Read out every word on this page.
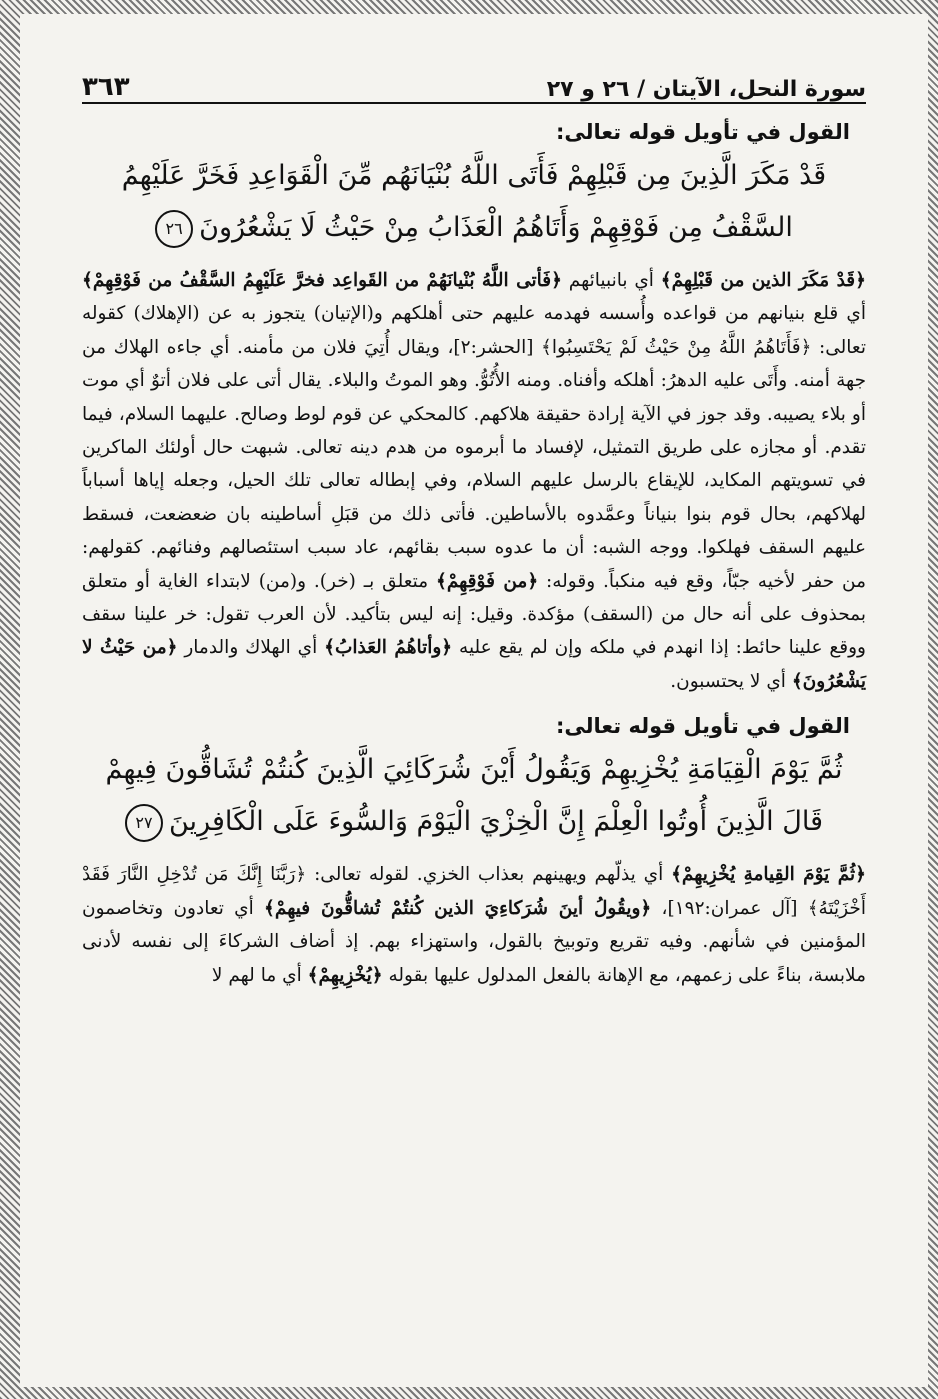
سورة النحل، الآيتان / ٢٦ و ٢٧
٣٦٣
القول في تأويل قوله تعالى:
قَدْ مَكَرَ الَّذِينَ مِن قَبْلِهِمْ فَأَتَى اللَّهُ بُنْيَانَهُم مِّنَ الْقَوَاعِدِ فَخَرَّ عَلَيْهِمُ
السَّقْفُ مِن فَوْقِهِمْ وَأَتَاهُمُ الْعَذَابُ مِنْ حَيْثُ لَا يَشْعُرُونَ٢٦

﴿قَدْ مَكَرَ الذين من قَبْلِهِمْ﴾ أي بانبيائهم ﴿فَأتى اللَّهُ بُنْيانَهُمْ من القَواعِد فخرَّ عَلَيْهِمُ السَّقْفُ من فَوْقِهِمْ﴾ أي قلع بنيانهم من قواعده وأُسسه فهدمه عليهم حتى أهلكهم و(الإتيان) يتجوز به عن (الإهلاك) كقوله تعالى: ﴿فَأَتَاهُمُ اللَّهُ مِنْ حَيْثُ لَمْ يَحْتَسِبُوا﴾ [الحشر:٢]، ويقال أُتِيَ فلان من مأمنه. أي جاءه الهلاك من جهة أمنه. وأَتَى عليه الدهرُ: أهلكه وأفناه. ومنه الأُتُوُّ. وهو الموتُ والبلاء. يقال أتى على فلان أتوٌ أي موت أو بلاء يصيبه. وقد جوز في الآية إرادة حقيقة هلاكهم. كالمحكي عن قوم لوط وصالح. عليهما السلام، فيما تقدم. أو مجازه على طريق التمثيل، لإفساد ما أبرموه من هدم دينه تعالى. شبهت حال أولئك الماكرين في تسويتهم المكايد، للإيقاع بالرسل عليهم السلام، وفي إبطاله تعالى تلك الحيل، وجعله إياها أسباباً لهلاكهم، بحال قوم بنوا بنياناً وعمَّدوه بالأساطين. فأتى ذلك من قبَلِ أساطينه بان ضعضعت، فسقط عليهم السقف فهلكوا. ووجه الشبه: أن ما عدوه سبب بقائهم، عاد سبب استئصالهم وفنائهم. كقولهم: من حفر لأخيه جبّاً، وقع فيه منكباً. وقوله: ﴿من فَوْقِهِمْ﴾ متعلق بـ (خر). و(من) لابتداء الغاية أو متعلق بمحذوف على أنه حال من (السقف) مؤكدة. وقيل: إنه ليس بتأكيد. لأن العرب تقول: خر علينا سقف ووقع علينا حائط: إذا انهدم في ملكه وإن لم يقع عليه ﴿وأتاهُمُ العَذابُ﴾ أي الهلاك والدمار ﴿من حَيْثُ لا يَشْعُرُونَ﴾ أي لا يحتسبون.

القول في تأويل قوله تعالى:
ثُمَّ يَوْمَ الْقِيَامَةِ يُخْزِيهِمْ وَيَقُولُ أَيْنَ شُرَكَائِيَ الَّذِينَ كُنتُمْ تُشَاقُّونَ فِيهِمْ
قَالَ الَّذِينَ أُوتُوا الْعِلْمَ إِنَّ الْخِزْيَ الْيَوْمَ وَالسُّوءَ عَلَى الْكَافِرِينَ٢٧

﴿ثُمَّ يَوْمَ القِيامةِ يُخْزِيهِمْ﴾ أي يذلّهم ويهينهم بعذاب الخزي. لقوله تعالى: ﴿رَبَّنَا إِنَّكَ مَن تُدْخِلِ النَّارَ فَقَدْ أَخْزَيْتَهُ﴾ [آل عمران:١٩٢]، ﴿ويقُولُ أينَ شُرَكاءِيَ الذين كُنتُمْ تُشاقُّونَ فيهِمْ﴾ أي تعادون وتخاصمون المؤمنين في شأنهم. وفيه تقريع وتوبيخ بالقول، واستهزاء بهم. إذ أضاف الشركاءَ إلى نفسه لأدنى ملابسة، بناءً على زعمهم، مع الإهانة بالفعل المدلول عليها بقوله ﴿يُخْزِيهِمْ﴾ أي ما لهم لا
